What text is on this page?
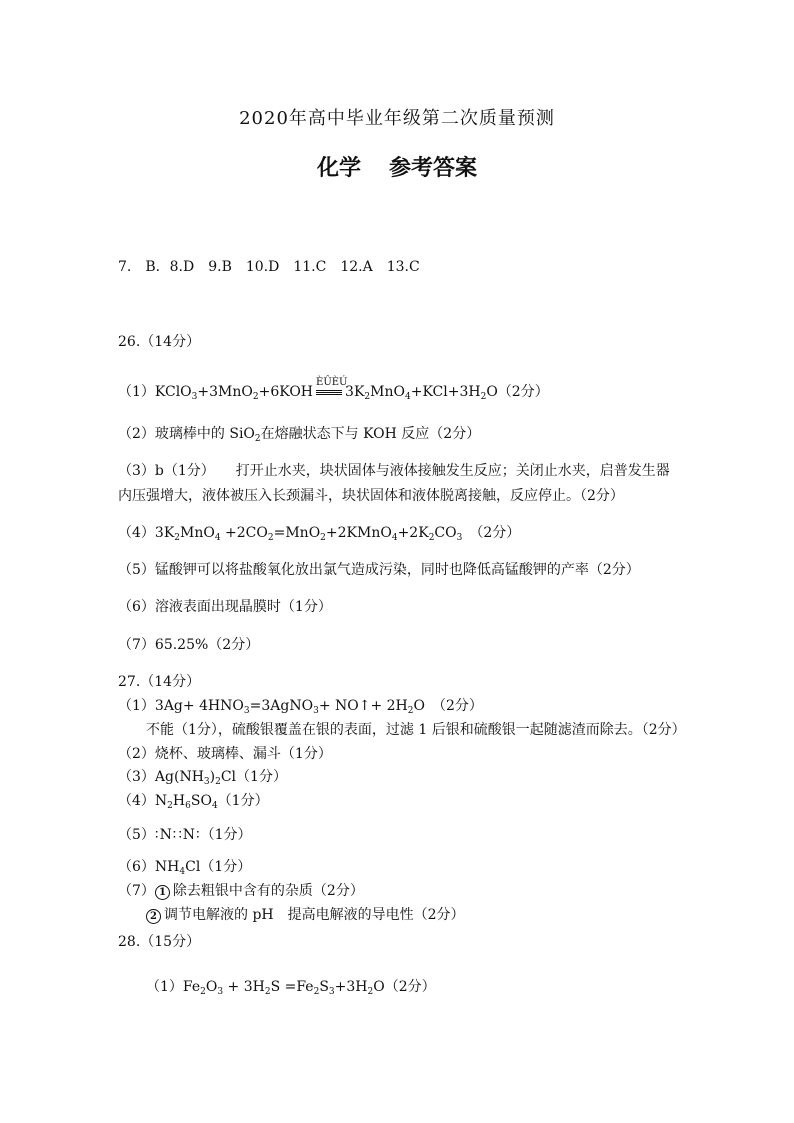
2020年高中毕业年级第二次质量预测
化学 参考答案
7.　B．8.D　9.B　10.D　11.C　12.A　13.C
26.（14分）
（1）KClO$_3$+3MnO$_2$+6KOH
ÈÛÈÚ
$3K_2MnO_4+KCl+3H_2O(2$分）
（2）玻璃棒中的 SiO$_2$在熔融状态下与 KOH 反应（2分）
（3）b（1分）　　打开止水夹，块状固体与液体接触发生反应；关闭止水夹，启普发生器
内压强增大，液体被压入长颈漏斗，块状固体和液体脱离接触，反应停止。（2分）
$(4)3K_2MnO_4$ $+2CO_2=MnO_2+2KMnO_4+2K_2CO_3$　（2分）
（5）锰酸钾可以将盐酸氧化放出氯气造成污染，同时也降低高锰酸钾的产率（2分）
（6）溶液表面出现晶膜时（1分）
（7）65.25%（2分）
27.（14分）
$(1)3Ag+ 4HNO_3=3AgNO_3+$ NO↑+ $2H_2O$　（2分）
不能（1分），硫酸银覆盖在银的表面，过滤 1 后银和硫酸银一起随滤渣而除去。（2分）
（2）烧杯、玻璃棒、漏斗（1分）
$(3)Ag(NH_3)_2Cl(1$分）
$(4)N_2H_6SO_4(1$分）
（5）∶N∷N∶（1分）
$(6)NH_4Cl(1$分）
（7） 1 除去粗银中含有的杂质（2分）
2 调节电解液的 pH　提高电解液的导电性（2分）
28.（15分）
$(1)Fe_2O_3 + 3H_2S =Fe_2S_3+3H_2O(2$分）
